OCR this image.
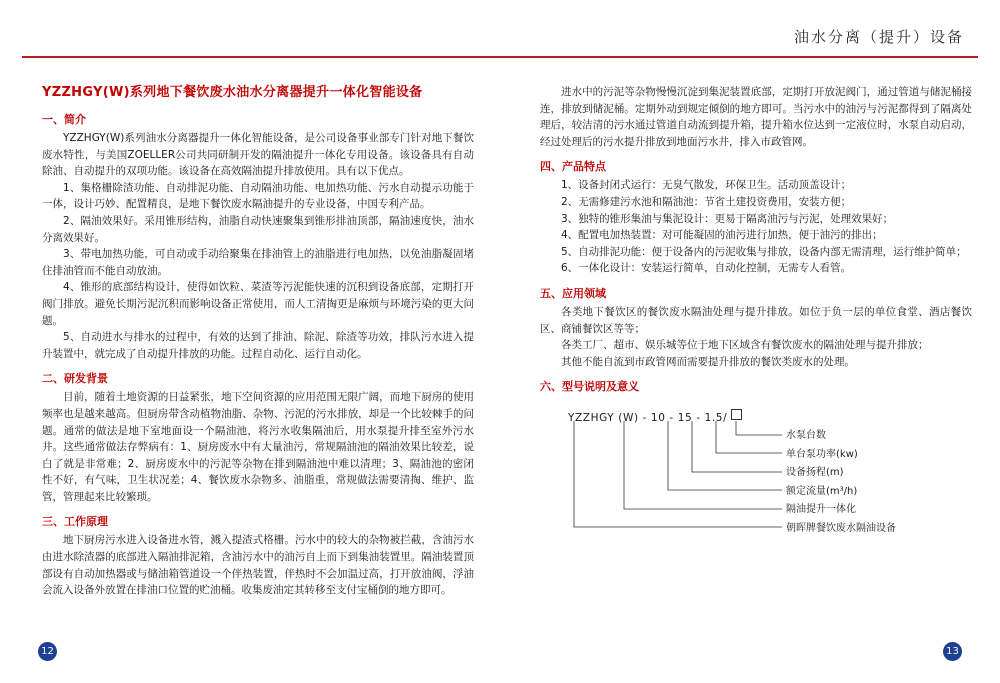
油水分离（提升）设备
YZZHGY(W)系列地下餐饮废水油水分离器提升一体化智能设备
一、简介

YZZHGY(W)系列油水分离器提升一体化智能设备，是公司设备事业部专门针对地下餐饮废水特性，与美国ZOELLER公司共同研制开发的隔油提升一体化专用设备。该设备具有自动除油、自动提升的双项功能。该设备在高效隔油提升排放使用。具有以下优点。

1、集格栅除渣功能、自动排泥功能、自动隔油功能、电加热功能、污水自动提示功能于一体，设计巧妙、配置精良，是地下餐饮废水隔油提升的专业设备，中国专利产品。

2、隔油效果好。采用锥形结构，油脂自动快速聚集到锥形排油顶部，隔油速度快，油水分离效果好。

3、带电加热功能，可自动或手动给聚集在排油管上的油脂进行电加热，以免油脂凝固堵住排油管而不能自动放油。

4、锥形的底部结构设计，使得如饮粒、菜渣等污泥能快速的沉积到设备底部，定期打开阀门排放。避免长期污泥沉积而影响设备正常使用，而人工清掏更是麻烦与环境污染的更大问题。

5、自动进水与排水的过程中，有效的达到了排油、除泥、除渣等功效，排队污水进入提升装置中，就完成了自动提升排放的功能。过程自动化、运行自动化。

二、研发背景

目前，随着土地资源的日益紧张，地下空间资源的应用范围无限广阔，而地下厨房的使用频率也是越来越高。但厨房带含动植物油脂、杂物、污泥的污水排放，却是一个比较棘手的问题。通常的做法是地下室地面设一个隔油池，将污水收集隔油后，用水泵提升排至室外污水井。这些通常做法存弊病有：1、厨房废水中有大量油污，常规隔油池的隔油效果比较差，说白了就是非常难；2、厨房废水中的污泥等杂物在排到隔油池中难以清理；3、隔油池的密闭性不好，有气味，卫生状况差；4、餐饮废水杂物多、油脂重，常规做法需要清掏、维护、监管，管理起来比较繁琐。

三、工作原理

地下厨房污水进入设备进水管，溅入提渣式格栅。污水中的较大的杂物被拦截，含油污水由进水除渣器的底部进入隔油排泥箱，含油污水中的油污自上而下到集油装置里。隔油装置顶部设有自动加热器或与储油箱管道设一个伴热装置，伴热时不会加温过高，打开放油阀，浮油会流入设备外放置在排油口位置的贮油桶。收集废油定其转移至支付宝桶倒的地方即可。

进水中的污泥等杂物慢慢沉淀到集泥装置底部，定期打开放泥阀门，通过管道与储泥桶接连，排放到储泥桶。定期外动到规定倾倒的地方即可。当污水中的油污与污泥都得到了隔离处理后，较洁清的污水通过管道自动流到提升箱，提升箱水位达到一定液位时，水泵自动启动，经过处理后的污水提升排放到地面污水井，排入市政管网。

四、产品特点

1、设备封闭式运行：无臭气散发，环保卫生。活动顶盖设计；

2、无需修建污水池和隔油池：节省土建投资费用，安装方便；

3、独特的锥形集油与集泥设计：更易于隔离油污与污泥，处理效果好；

4、配置电加热装置：对可能凝固的油污进行加热，便于油污的排出；

5、自动排泥功能：便于设备内的污泥收集与排放，设备内部无需清理，运行维护简单；

6、一体化设计：安装运行简单，自动化控制，无需专人看管。

五、应用领域

各类地下餐饮区的餐饮废水隔油处理与提升排放。如位于负一层的单位食堂、酒店餐饮区、商铺餐饮区等等；

各类工厂、超市、娱乐城等位于地下区域含有餐饮废水的隔油处理与提升排放；

其他不能自流到市政管网而需要提升排放的餐饮类废水的处理。

六、型号说明及意义
YZZHGY (W) - 10 - 15 - 1.5/
水泵台数
单台泵功率(kw)
设备扬程(m)
额定流量(m³/h)
隔油提升一体化
朝晖牌餐饮废水隔油设备
12	13
